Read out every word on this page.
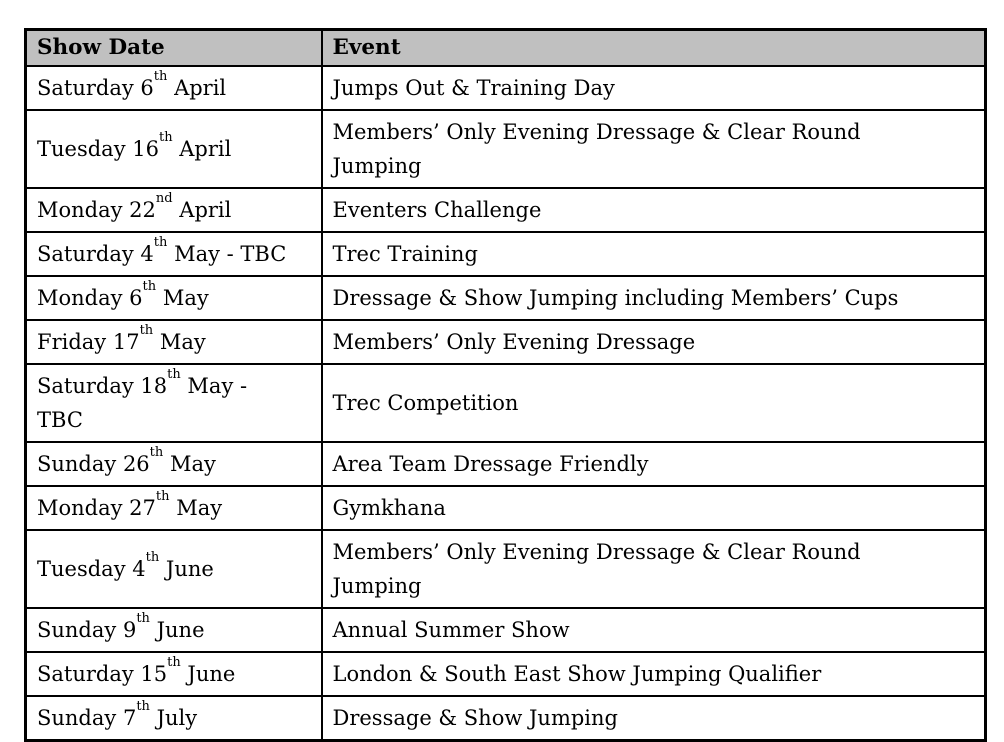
Show Date	Event
Saturday 6th April	Jumps Out & Training Day

Tuesday 16th April	Members’ Only Evening Dressage & Clear Round
Jumping

Monday 22nd April	Eventers Challenge

Saturday 4th May - TBC	Trec Training

Monday 6th May	Dressage & Show Jumping including Members’ Cups

Friday 17th May	Members’ Only Evening Dressage

Saturday 18th May -
TBC	Trec Competition

Sunday 26th May	Area Team Dressage Friendly

Monday 27th May	Gymkhana

Tuesday 4th June	Members’ Only Evening Dressage & Clear Round
Jumping

Sunday 9th June	Annual Summer Show

Saturday 15th June	London & South East Show Jumping Qualifier

Sunday 7th July	Dressage & Show Jumping
